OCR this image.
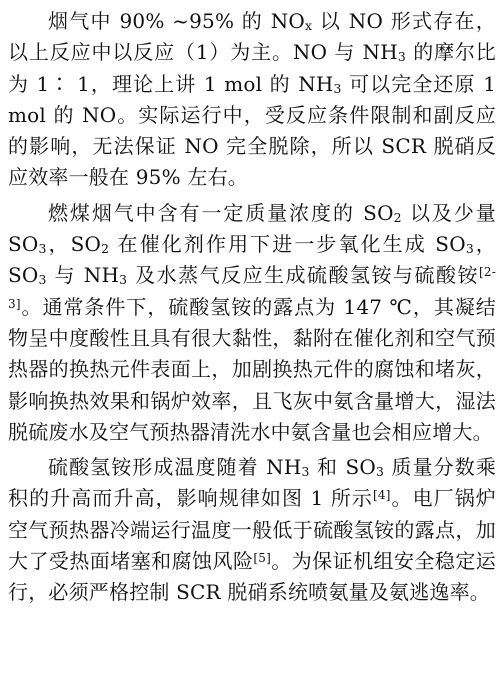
烟气中 90% ~95% 的 $NO_x$ 以 NO 形式存在，以上反应中以反应（1）为主。NO 与 $NH_3$ 的摩尔比为 1∶ 1，理论上讲 1 mol 的 $NH_3$ 可以完全还原 1 mol 的 NO。实际运行中，受反应条件限制和副反应的影响，无法保证 NO 完全脱除，所以 SCR 脱硝反应效率一般在 95% 左右。

燃煤烟气中含有一定质量浓度的 $SO_2$ 以及少量 $SO_3$，$SO_2$ 在催化剂作用下进一步氧化生成 $SO_3$，$SO_3$ 与 $NH_3$ 及水蒸气反应生成硫酸氢铵与硫酸铵[2-3]。通常条件下，硫酸氢铵的露点为 147 ℃，其凝结物呈中度酸性且具有很大黏性，黏附在催化剂和空气预热器的换热元件表面上，加剧换热元件的腐蚀和堵灰，影响换热效果和锅炉效率，且飞灰中氨含量增大，湿法脱硫废水及空气预热器清洗水中氨含量也会相应增大。

硫酸氢铵形成温度随着 $NH_3$ 和 $SO_3$ 质量分数乘积的升高而升高，影响规律如图 1 所示[4]。电厂锅炉空气预热器冷端运行温度一般低于硫酸氢铵的露点，加大了受热面堵塞和腐蚀风险[5]。为保证机组安全稳定运行，必须严格控制 SCR 脱硝系统喷氨量及氨逃逸率。
